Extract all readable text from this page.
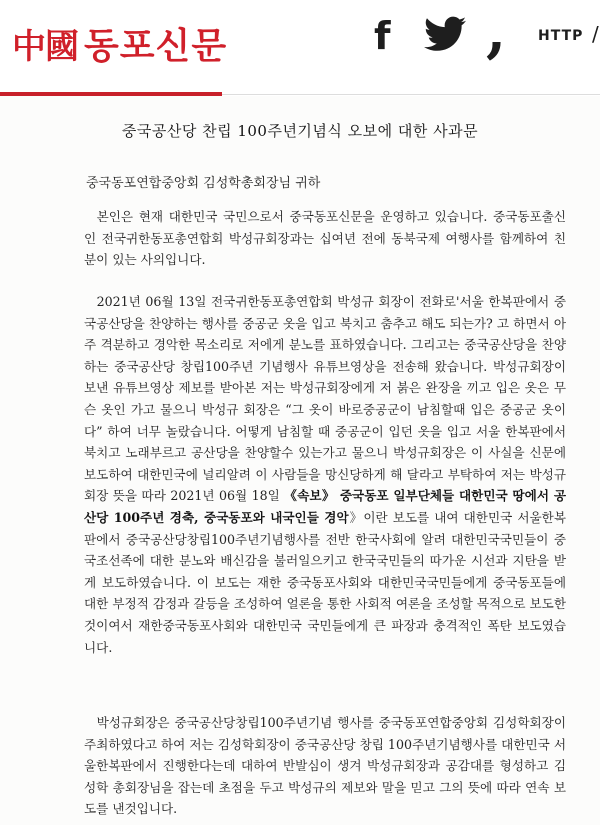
中國 동포신문	f , HTTP /
중국공산당 찬립 100주년기념식 오보에 대한 사과문
중국동포연합중앙회 김성학총회장님 귀하

 본인은 현재 대한민국 국민으로서 중국동포신문을 운영하고 있습니다. 중국동포출신인 전국귀한동포총연합회 박성규회장과는 십여년 전에 동북국제 여행사를 함께하여 친분이 있는 사의입니다.

 2021년 06월 13일 전국귀한동포총연합회 박성규 회장이 전화로'서울 한복판에서 중국공산당을 찬양하는 행사를 중공군 옷을 입고 북치고 춤추고 해도 되는가? 고 하면서 아주 격분하고 경악한 목소리로 저에게 분노를 표하였습니다. 그리고는 중국공산당을 찬양하는 중국공산당 창립100주년 기념행사 유튜브영상을 전송해 왔습니다. 박성규회장이 보낸 유튜브영상 제보를 받아본 저는 박성규회장에게 저 붉은 완장을 끼고 입은 옷은 무슨 옷인 가고 물으니 박성규 회장은 “그 옷이 바로중공군이 남침할때 입은 중공군 옷이다” 하여 너무 놀랐습니다. 어떻게 남침할 때 중공군이 입던 옷을 입고 서울 한복판에서 북치고 노래부르고 공산당을 찬양할수 있는가고 물으니 박성규회장은 이 사실을 신문에 보도하여 대한민국에 널리알려 이 사람들을 망신당하게 해 달라고 부탁하여 저는 박성규회장 뜻을 따라 2021년 06월 18일 《속보》 중국동포 일부단체들 대한민국 땅에서 공산당 100주년 경축, 중국동포와 내국인들 경악》이란 보도를 내여 대한민국 서울한복판에서 중국공산당창립100주년기념행사를 전반 한국사회에 알려 대한민국국민들이 중국조선족에 대한 분노와 배신감을 불러일으키고 한국국민들의 따가운 시선과 지탄을 받게 보도하였습니다. 이 보도는 재한 중국동포사회와 대한민국국민들에게 중국동포들에 대한 부정적 감정과 갈등을 조성하여 얼론을 통한 사회적 여론을 조성할 목적으로 보도한것이여서 재한중국동포사회와 대한민국 국민들에게 큰 파장과 충격적인 폭탄 보도였습니다.

 박성규회장은 중국공산당창립100주년기념 행사를 중국동포연합중앙회 김성학회장이 주최하였다고 하여 저는 김성학회장이 중국공산당 창립 100주년기념행사를 대한민국 서울한복판에서 진행한다는데 대하여 반발심이 생겨 박성규회장과 공감대를 형성하고 김성학 총회장님을 잡는데 초점을 두고 박성규의 제보와 말을 믿고 그의 뜻에 따라 연속 보도를 낸것입니다.
